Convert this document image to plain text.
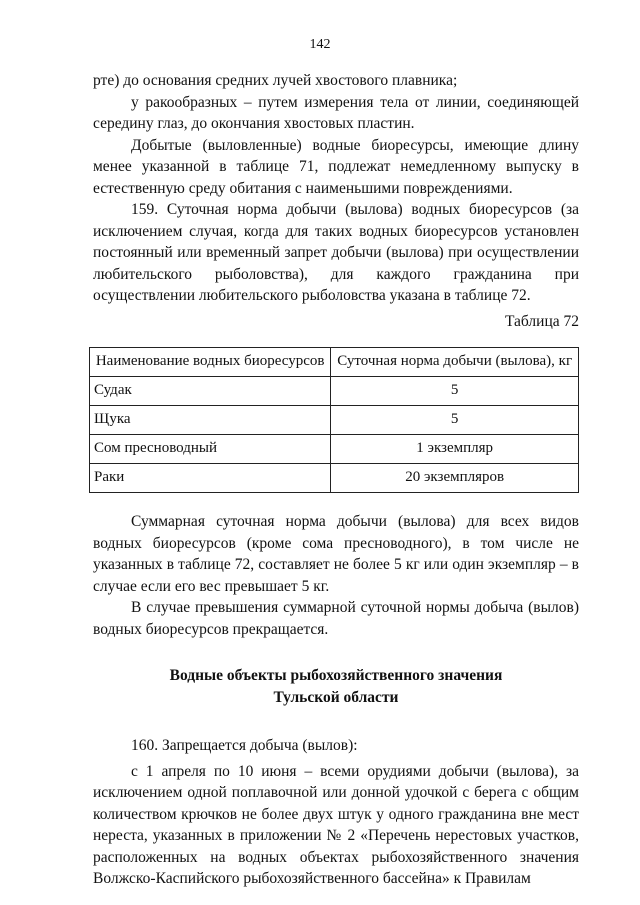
142

рте) до основания средних лучей хвостового плавника;

у ракообразных – путем измерения тела от линии, соединяющей середину глаз, до окончания хвостовых пластин.

Добытые (выловленные) водные биоресурсы, имеющие длину менее указанной в таблице 71, подлежат немедленному выпуску в естественную среду обитания с наименьшими повреждениями.

159. Суточная норма добычи (вылова) водных биоресурсов (за исключением случая, когда для таких водных биоресурсов установлен постоянный или временный запрет добычи (вылова) при осуществлении любительского рыболовства), для каждого гражданина при осуществлении любительского рыболовства указана в таблице 72.

Таблица 72

Наименование водных биоресурсов	Суточная норма добычи (вылова), кг
Судак	5
Щука	5
Сом пресноводный	1 экземпляр
Раки	20 экземпляров

Суммарная суточная норма добычи (вылова) для всех видов водных биоресурсов (кроме сома пресноводного), в том числе не указанных в таблице 72, составляет не более 5 кг или один экземпляр – в случае если его вес превышает 5 кг.

В случае превышения суммарной суточной нормы добыча (вылов) водных биоресурсов прекращается.

Водные объекты рыбохозяйственного значения
Тульской области

160. Запрещается добыча (вылов):

с 1 апреля по 10 июня – всеми орудиями добычи (вылова), за исключением одной поплавочной или донной удочкой с берега с общим количеством крючков не более двух штук у одного гражданина вне мест нереста, указанных в приложении № 2 «Перечень нерестовых участков, расположенных на водных объектах рыбохозяйственного значения Волжско-Каспийского рыбохозяйственного бассейна» к Правилам
